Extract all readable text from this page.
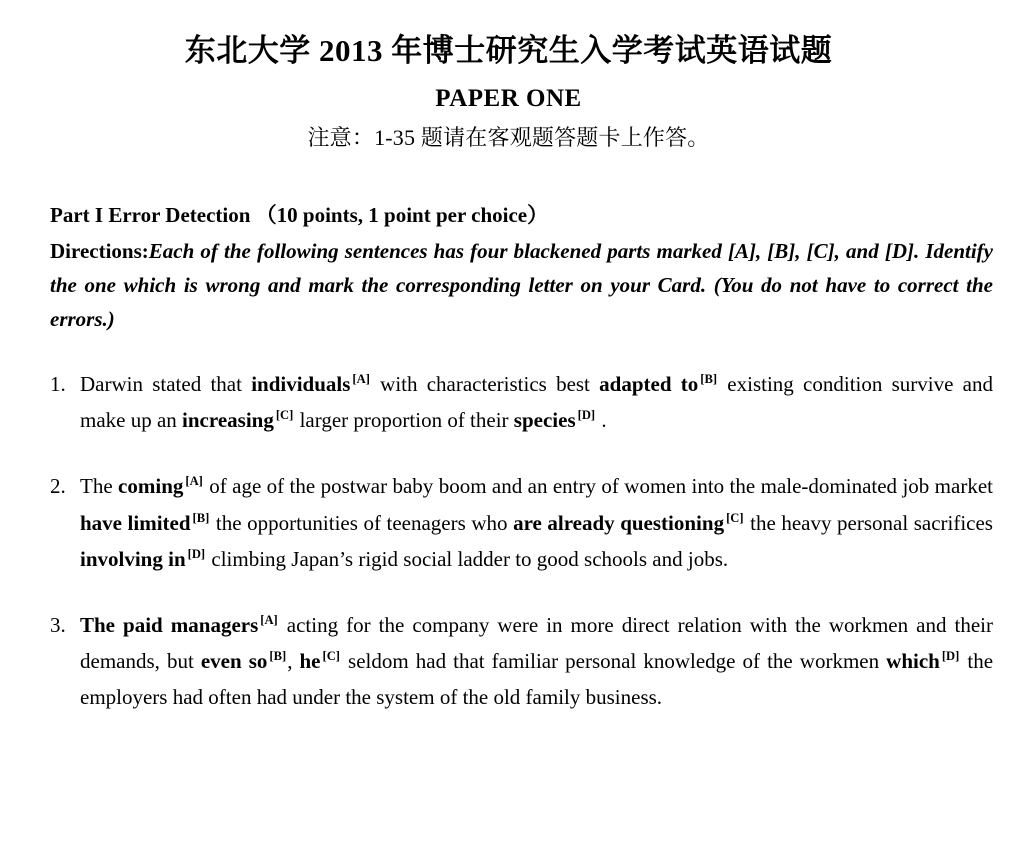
东北大学 2013 年博士研究生入学考试英语试题
PAPER ONE
注意：1-35 题请在客观题答题卡上作答。
Part I Error Detection （10 points, 1 point per choice）
Directions:Each of the following sentences has four blackened parts marked [A], [B], [C], and [D]. Identify the one which is wrong and mark the corresponding letter on your Card. (You do not have to correct the errors.)
1. Darwin stated that individuals [A] with characteristics best adapted to [B] existing condition survive and make up an increasing [C] larger proportion of their species [D] .
2. The coming [A] of age of the postwar baby boom and an entry of women into the male-dominated job market have limited [B] the opportunities of teenagers who are already questioning [C] the heavy personal sacrifices involving in [D] climbing Japan’s rigid social ladder to good schools and jobs.
3. The paid managers [A] acting for the company were in more direct relation with the workmen and their demands, but even so [B], he [C] seldom had that familiar personal knowledge of the workmen which [D] the employers had often had under the system of the old family business.
